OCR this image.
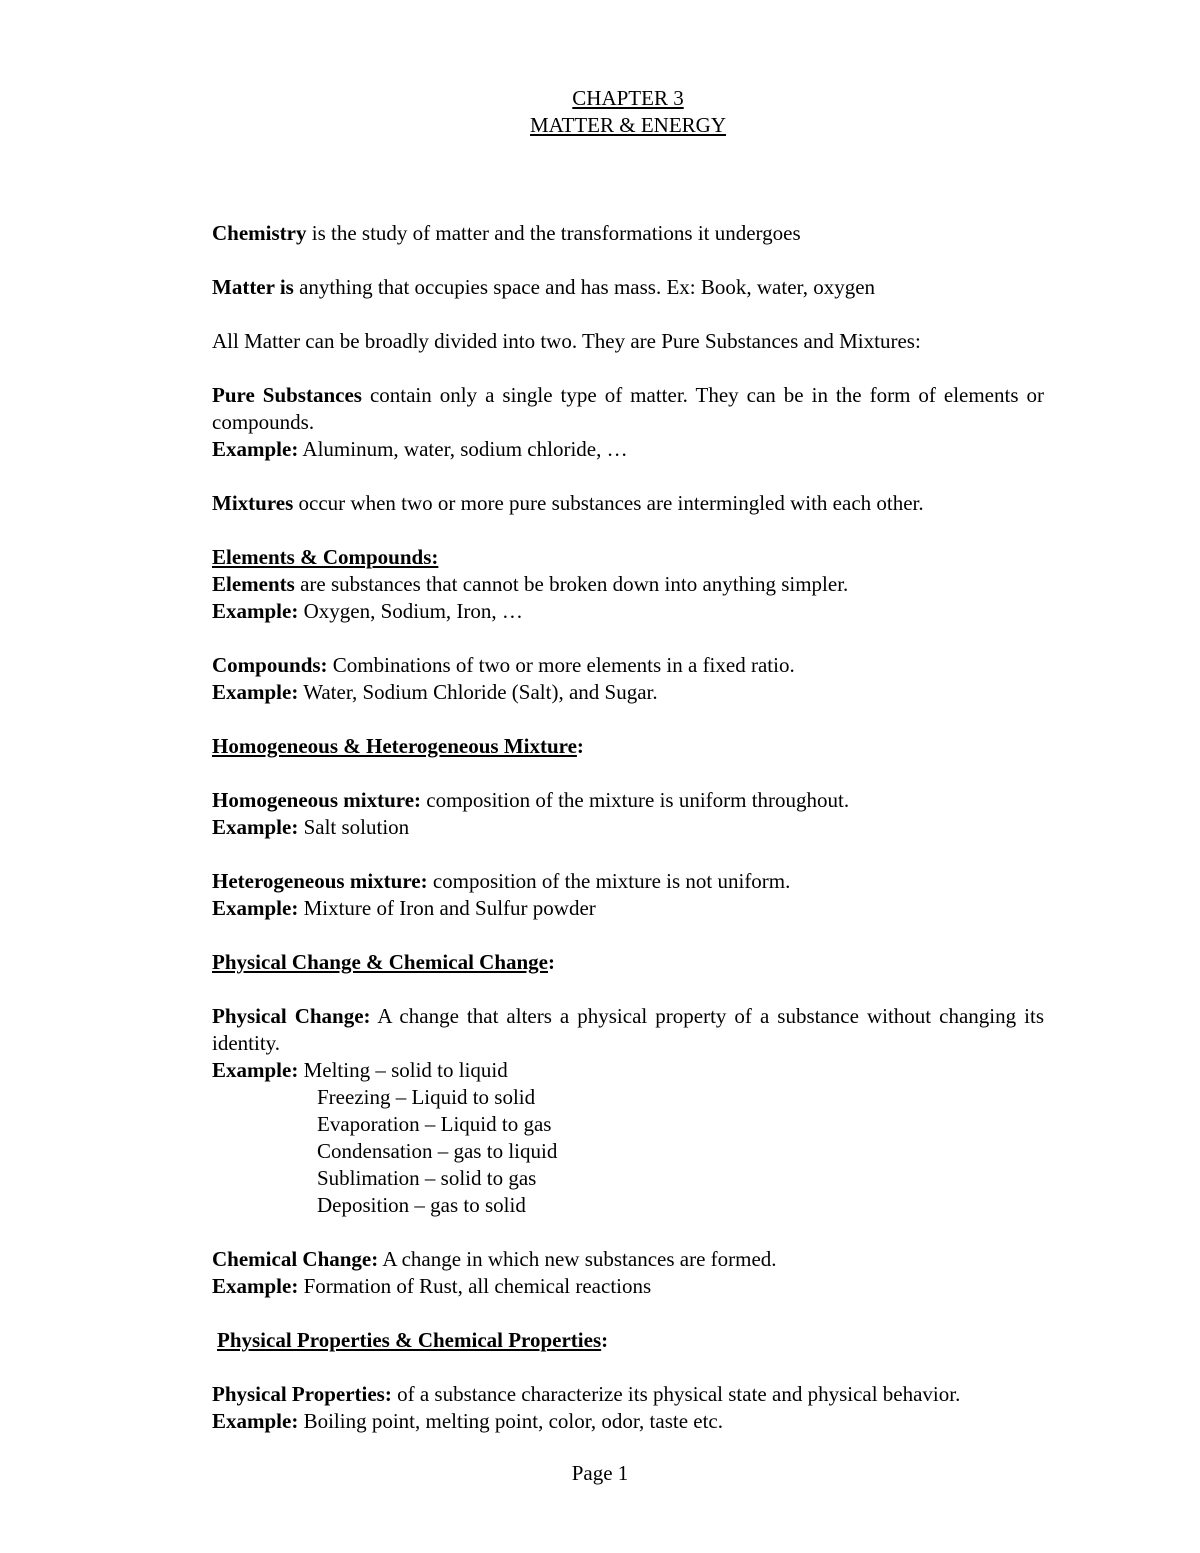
CHAPTER 3

MATTER & ENERGY

Chemistry is the study of matter and the transformations it undergoes

Matter is anything that occupies space and has mass. Ex: Book, water, oxygen

All Matter can be broadly divided into two. They are Pure Substances and Mixtures:

Pure Substances contain only a single type of matter. They can be in the form of elements or compounds.

Example: Aluminum, water, sodium chloride, …

Mixtures occur when two or more pure substances are intermingled with each other.

Elements & Compounds:

Elements are substances that cannot be broken down into anything simpler.

Example: Oxygen, Sodium, Iron, …

Compounds: Combinations of two or more elements in a fixed ratio.

Example: Water, Sodium Chloride (Salt), and Sugar.

Homogeneous & Heterogeneous Mixture:

Homogeneous mixture: composition of the mixture is uniform throughout.

Example: Salt solution

Heterogeneous mixture: composition of the mixture is not uniform.

Example: Mixture of Iron and Sulfur powder

Physical Change & Chemical Change:

Physical Change: A change that alters a physical property of a substance without changing its identity.

Example: Melting – solid to liquid

Freezing – Liquid to solid

Evaporation – Liquid to gas

Condensation – gas to liquid

Sublimation – solid to gas

Deposition – gas to solid

Chemical Change: A change in which new substances are formed.

Example: Formation of Rust, all chemical reactions

Physical Properties & Chemical Properties:

Physical Properties: of a substance characterize its physical state and physical behavior.

Example: Boiling point, melting point, color, odor, taste etc.

Page 1
